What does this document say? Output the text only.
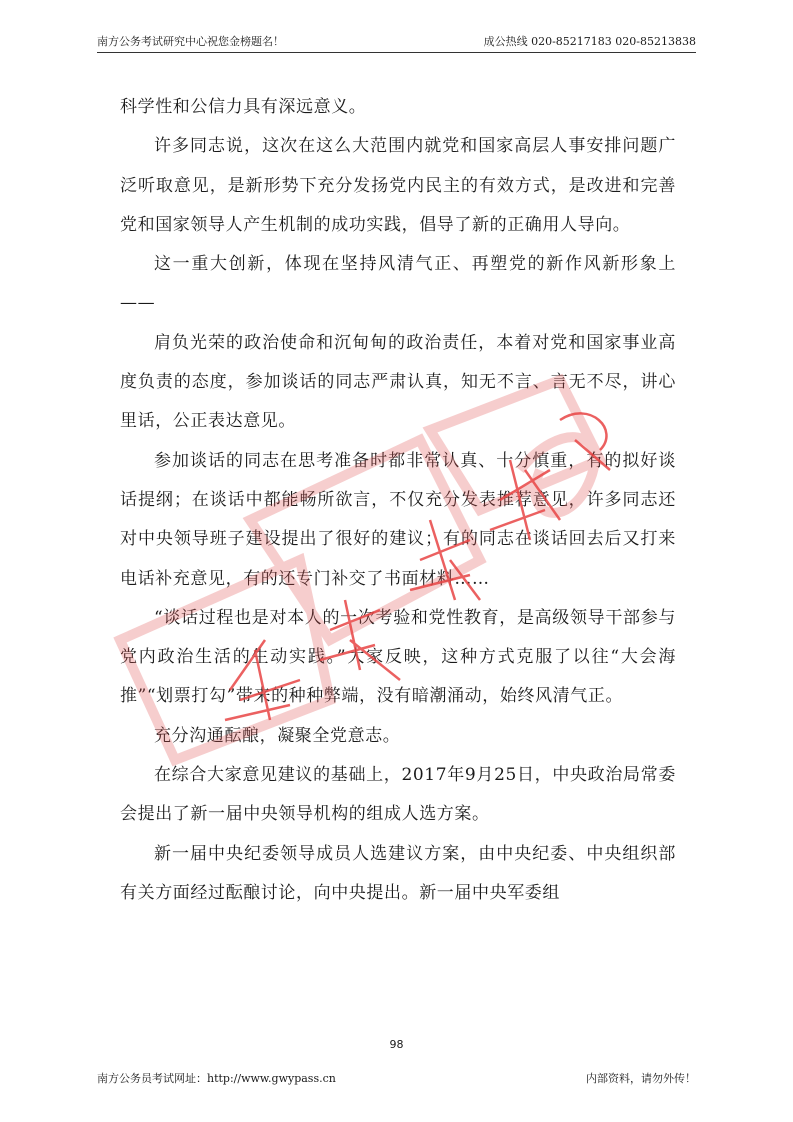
南方公务考试研究中心祝您金榜题名！	成公热线 020-85217183 020-85213838

科学性和公信力具有深远意义。

许多同志说，这次在这么大范围内就党和国家高层人事安排问题广泛听取意见，是新形势下充分发扬党内民主的有效方式，是改进和完善党和国家领导人产生机制的成功实践，倡导了新的正确用人导向。

这一重大创新，体现在坚持风清气正、再塑党的新作风新形象上——

肩负光荣的政治使命和沉甸甸的政治责任，本着对党和国家事业高度负责的态度，参加谈话的同志严肃认真，知无不言、言无不尽，讲心里话，公正表达意见。

参加谈话的同志在思考准备时都非常认真、十分慎重，有的拟好谈话提纲；在谈话中都能畅所欲言，不仅充分发表推荐意见，许多同志还对中央领导班子建设提出了很好的建议；有的同志在谈话回去后又打来电话补充意见，有的还专门补交了书面材料……

“谈话过程也是对本人的一次考验和党性教育，是高级领导干部参与党内政治生活的生动实践。”大家反映，这种方式克服了以往“大会海推”“划票打勾”带来的种种弊端，没有暗潮涌动，始终风清气正。

充分沟通酝酿，凝聚全党意志。

在综合大家意见建议的基础上，2017年9月25日，中央政治局常委会提出了新一届中央领导机构的组成人选方案。

新一届中央纪委领导成员人选建议方案，由中央纪委、中央组织部有关方面经过酝酿讨论，向中央提出。新一届中央军委组

98
南方公务员考试网址：http://www.gwypass.cn	内部资料，请勿外传！
